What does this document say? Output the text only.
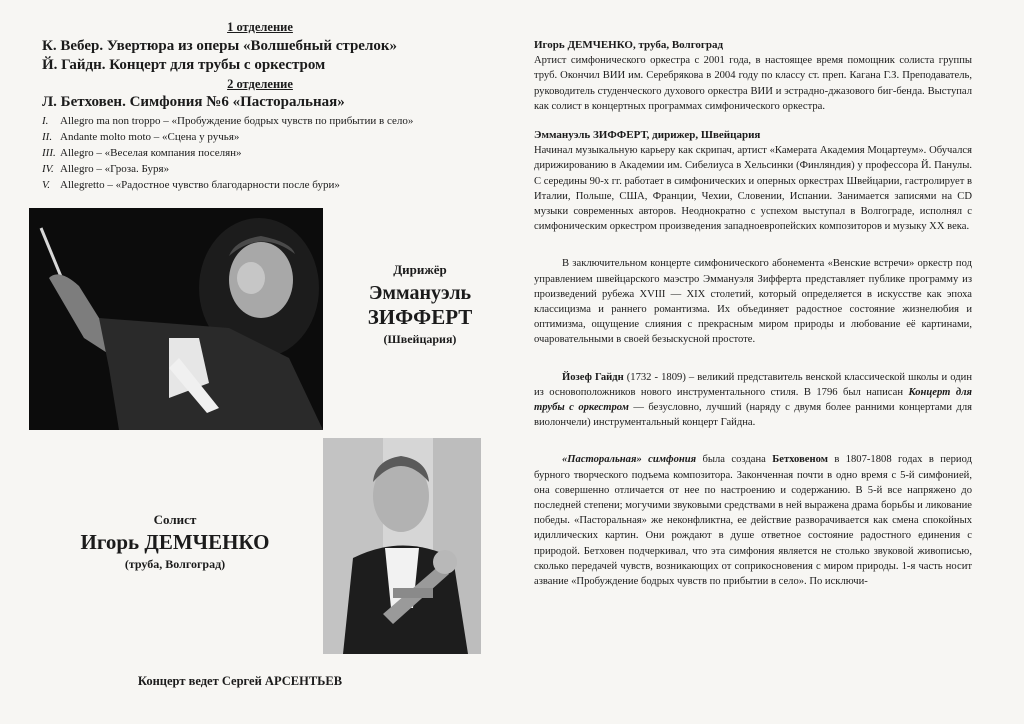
1 отделение
К. Вебер. Увертюра из оперы «Волшебный стрелок»
Й. Гайдн. Концерт для трубы с оркестром
2 отделение
Л. Бетховен. Симфония №6 «Пасторальная»
I.	Allegro ma non troppo – «Пробуждение бодрых чувств по прибытии в село»
II. Andante molto moto – «Сцена у ручья»
III. Allegro – «Веселая компания поселян»
IV. Allegro – «Гроза. Буря»
V. Allegretto – «Радостное чувство благодарности после бури»
Дирижёр
Эммануэль
ЗИФФЕРТ
(Швейцария)
Солист
Игорь ДЕМЧЕНКО
(труба, Волгоград)
Концерт ведет Сергей АРСЕНТЬЕВ

Игорь ДЕМЧЕНКО, труба, Волгоград

Артист симфонического оркестра с 2001 года, в настоящее время помощник солиста группы труб. Окончил ВИИ им. Серебрякова в 2004 году по классу ст. преп. Кагана Г.З. Преподаватель, руководитель студенческого духового оркестра ВИИ и эстрадно-джазового биг-бенда. Выступал как солист в концертных программах симфонического оркестра.

Эммануэль ЗИФФЕРТ, дирижер, Швейцария

Начинал музыкальную карьеру как скрипач, артист «Камерата Академия Моцартеум». Обучался дирижированию в Академии им. Сибелиуса в Хельсинки (Финляндия) у профессора Й. Панулы. С середины 90-х гг. работает в симфонических и оперных оркестрах Швейцарии, гастролирует в Италии, Польше, США, Франции, Чехии, Словении, Испании. Занимается записями на CD музыки современных авторов. Неоднократно с успехом выступал в Волгограде, исполнял с симфоническим оркестром произведения западноевропейских композиторов и музыку XX века.

В заключительном концерте симфонического абонемента «Венские встречи» оркестр под управлением швейцарского маэстро Эммануэля Зифферта представляет публике программу из произведений рубежа XVIII — XIX столетий, который определяется в искусстве как эпоха классицизма и раннего романтизма. Их объединяет радостное состояние жизнелюбия и оптимизма, ощущение слияния с прекрасным миром природы и любование её картинами, очаровательными в своей безыскусной простоте.

Йозеф Гайдн (1732 - 1809) – великий представитель венской классической школы и один из основоположников нового инструментального стиля. В 1796 был написан Концерт для трубы с оркестром — безусловно, лучший (наряду с двумя более ранними концертами для виолончели) инструментальный концерт Гайдна.

«Пасторальная» симфония была создана Бетховеном в 1807-1808 годах в период бурного творческого подъема композитора. Законченная почти в одно время с 5-й симфонией, она совершенно отличается от нее по настроению и содержанию. В 5-й все напряжено до последней степени; могучими звуковыми средствами в ней выражена драма борьбы и ликование победы. «Пасторальная» же неконфликтна, ее действие разворачивается как смена спокойных идиллических картин. Они рождают в душе ответное состояние радостного единения с природой. Бетховен подчеркивал, что эта симфония является не столько звуковой живописью, сколько передачей чувств, возникающих от соприкосновения с миром природы. 1-я часть носит азвание «Пробуждение бодрых чувств по прибытии в село». По исключи-
